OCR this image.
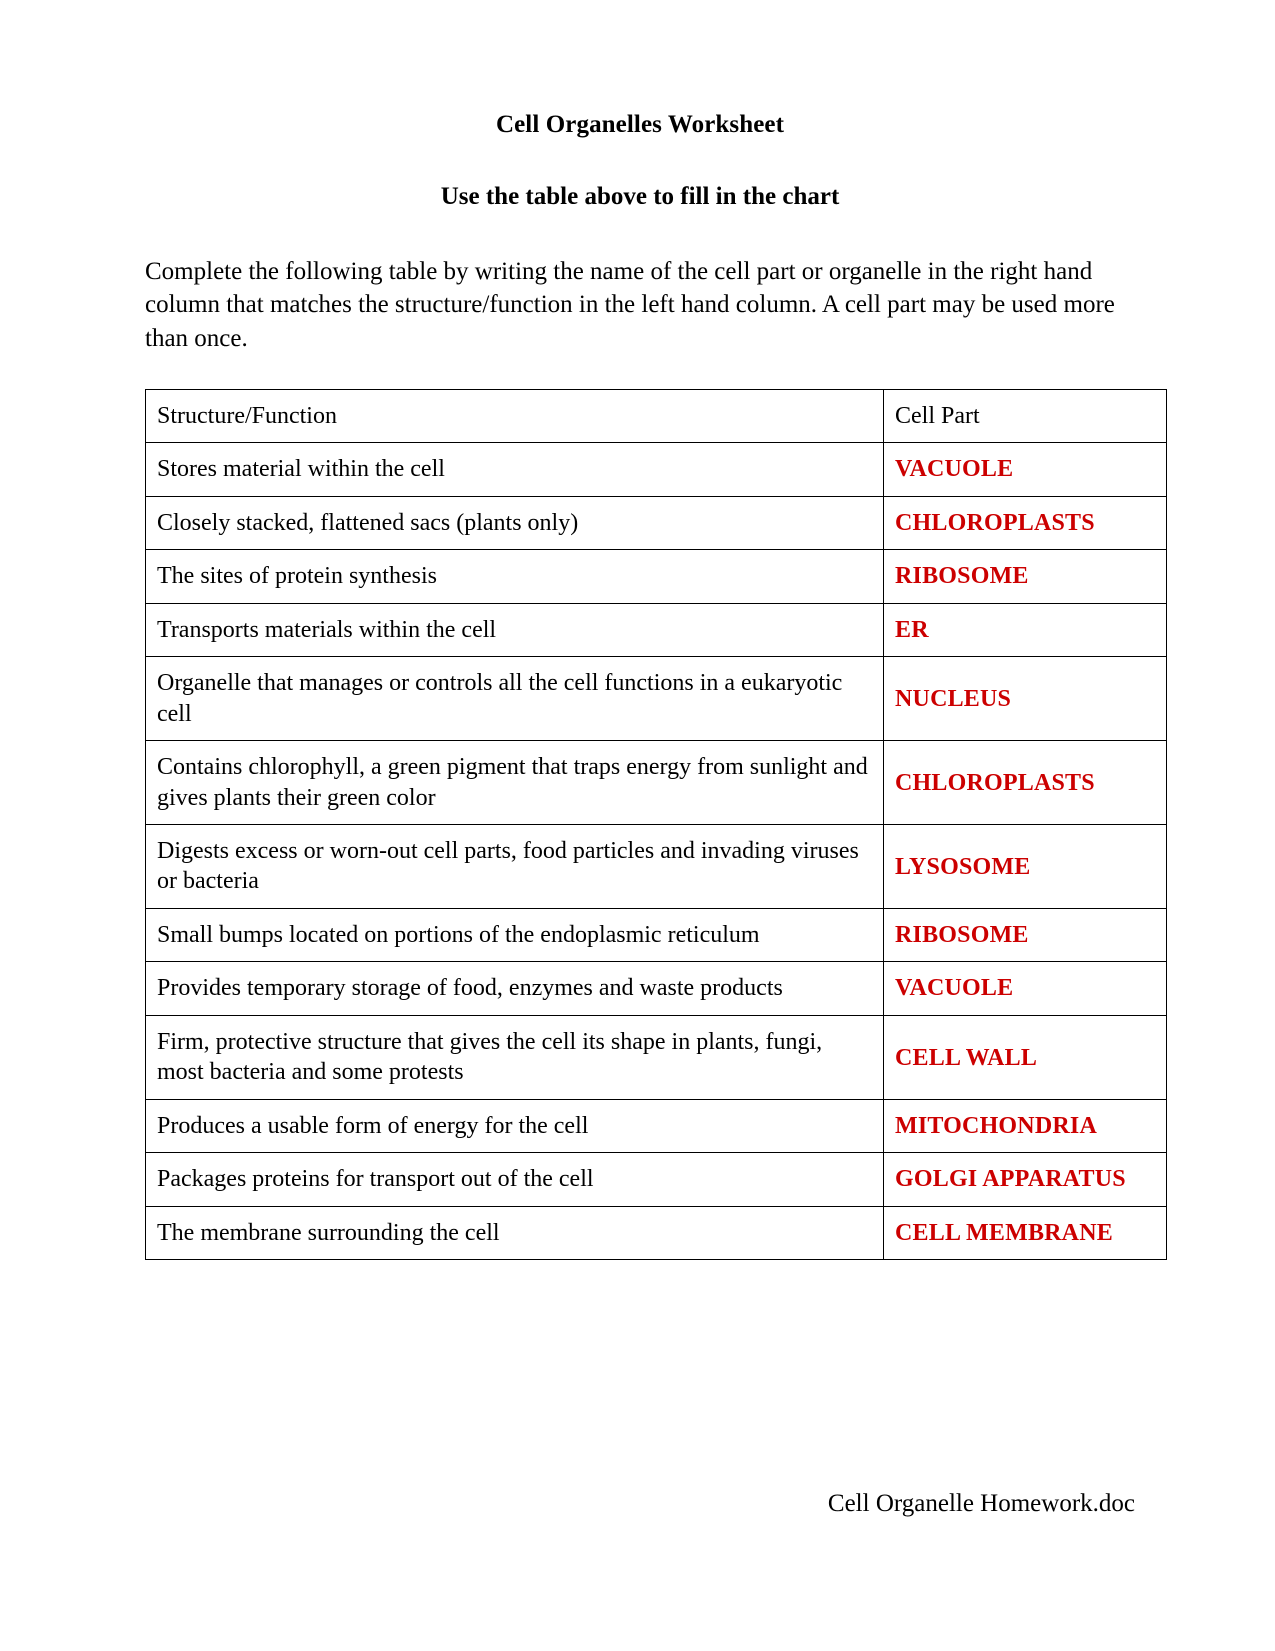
Cell Organelles Worksheet
Use the table above to fill in the chart

Complete the following table by writing the name of the cell part or organelle in the right hand column that matches the structure/function in the left hand column. A cell part may be used more than once.

Structure/Function	Cell Part
Stores material within the cell	VACUOLE
Closely stacked, flattened sacs (plants only)	CHLOROPLASTS
The sites of protein synthesis	RIBOSOME
Transports materials within the cell	ER
Organelle that manages or controls all the cell functions in a eukaryotic cell	NUCLEUS

Contains chlorophyll, a green pigment that traps energy from sunlight and gives plants their green color	CHLOROPLASTS

Digests excess or worn-out cell parts, food particles and invading viruses or bacteria	LYSOSOME

Small bumps located on portions of the endoplasmic reticulum	RIBOSOME
Provides temporary storage of food, enzymes and waste products	VACUOLE
Firm, protective structure that gives the cell its shape in plants, fungi, most bacteria and some protests	CELL WALL

Produces a usable form of energy for the cell	MITOCHONDRIA
Packages proteins for transport out of the cell	GOLGI APPARATUS
The membrane surrounding the cell	CELL MEMBRANE
Cell Organelle Homework.doc
